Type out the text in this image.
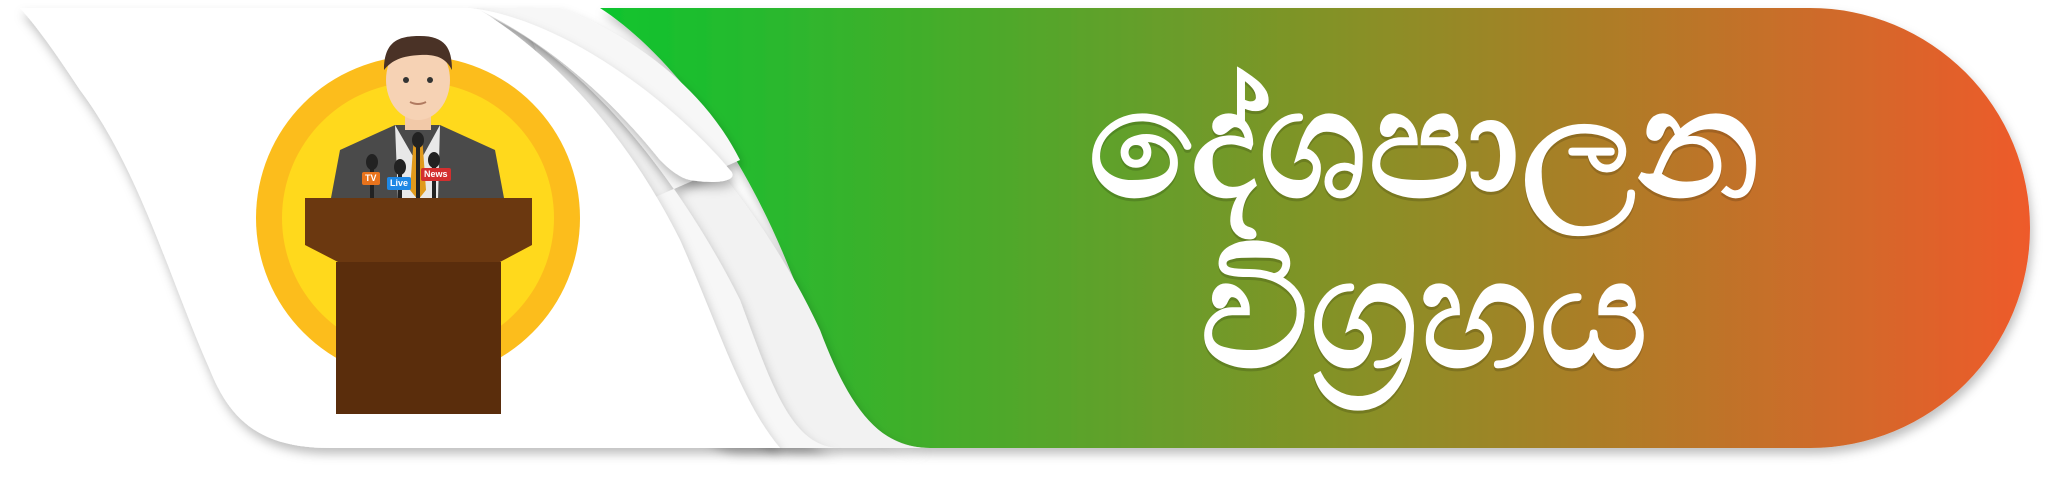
TV	Live
News	දේශපාලන
විග්‍රහය
